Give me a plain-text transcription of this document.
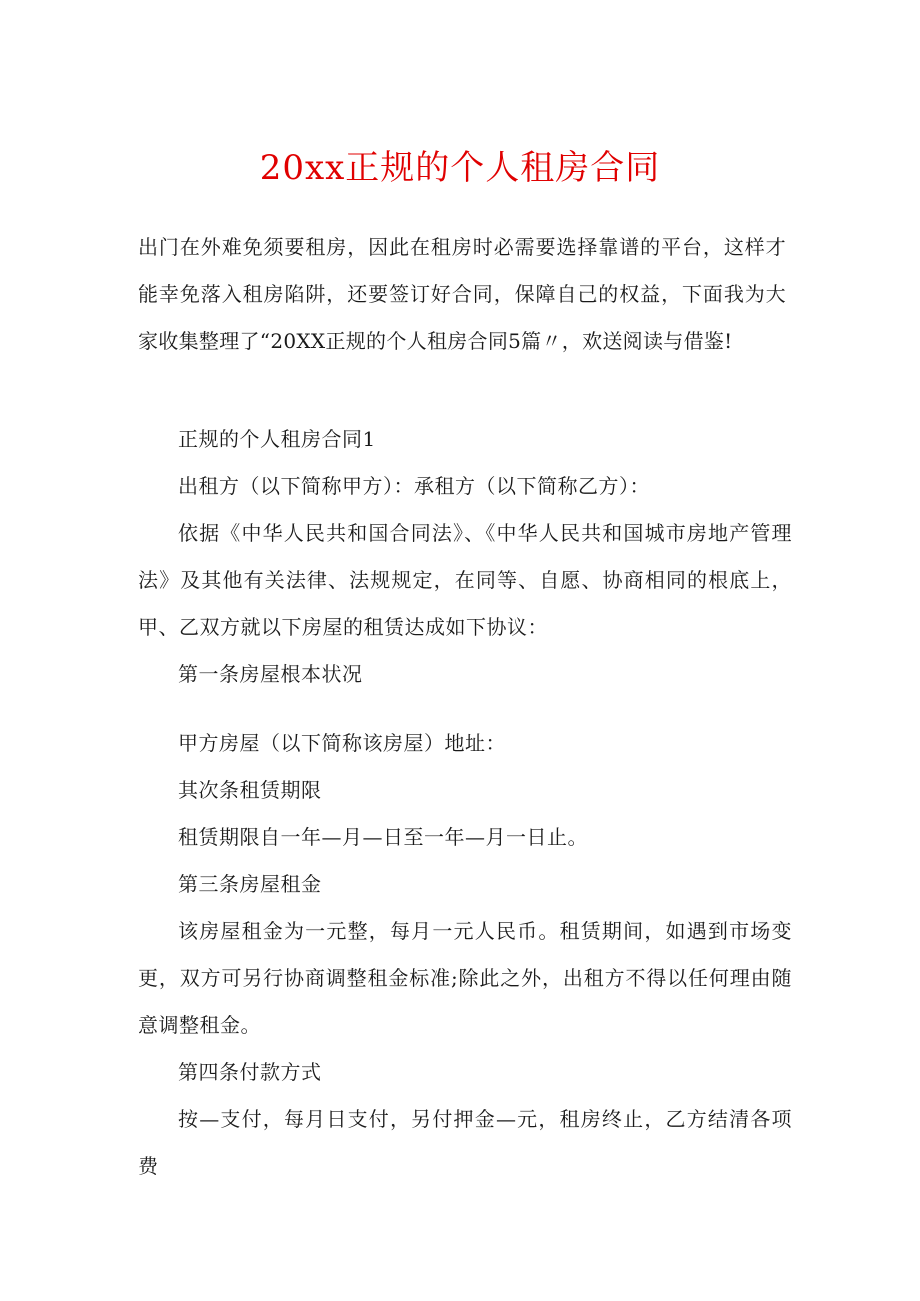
20xx正规的个人租房合同

出门在外难免须要租房，因此在租房时必需要选择靠谱的平台，这样才能幸免落入租房陷阱，还要签订好合同，保障自己的权益，下面我为大家收集整理了“20XX正规的个人租房合同5篇〃，欢送阅读与借鉴!

正规的个人租房合同1

出租方（以下简称甲方）：承租方（以下简称乙方）：

依据《中华人民共和国合同法》、《中华人民共和国城市房地产管理法》及其他有关法律、法规规定，在同等、自愿、协商相同的根底上，甲、乙双方就以下房屋的租赁达成如下协议：

第一条房屋根本状况

甲方房屋（以下简称该房屋）地址：

其次条租赁期限

租赁期限自一年—月—日至一年—月一日止。

第三条房屋租金

该房屋租金为一元整，每月一元人民币。租赁期间，如遇到市场变更，双方可另行协商调整租金标准;除此之外，出租方不得以任何理由随意调整租金。

第四条付款方式

按—支付，每月日支付，另付押金—元，租房终止，乙方结清各项费
